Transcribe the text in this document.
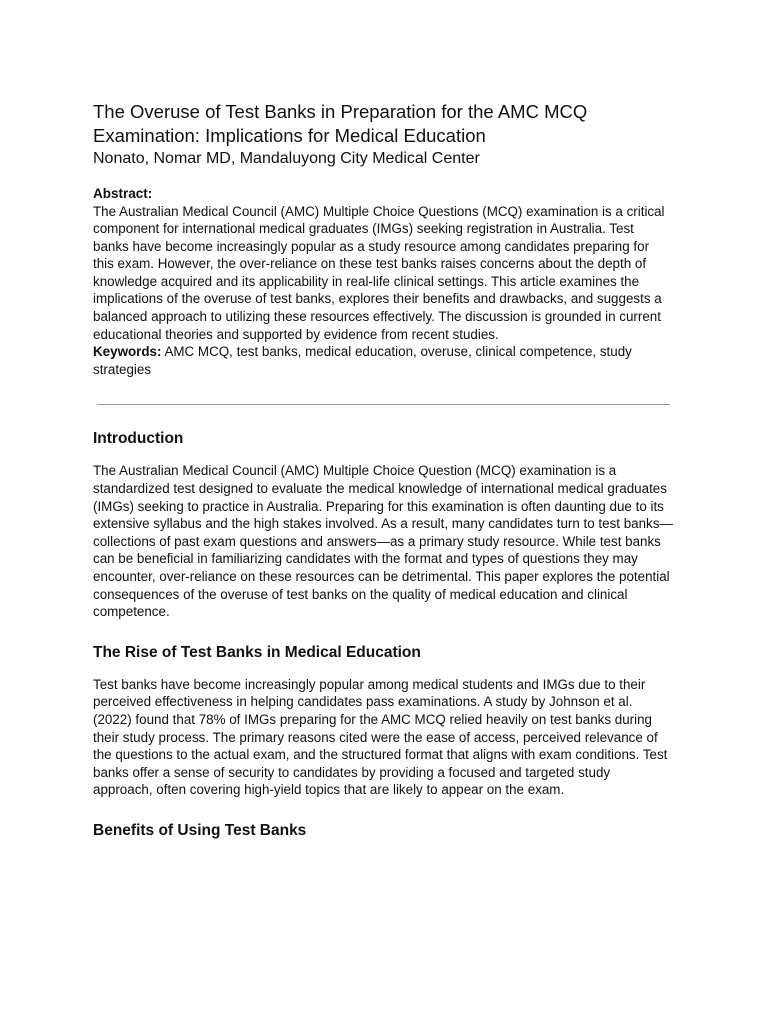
The Overuse of Test Banks in Preparation for the AMC MCQ
Examination: Implications for Medical Education
Nonato, Nomar MD, Mandaluyong City Medical Center
Abstract:

The Australian Medical Council (AMC) Multiple Choice Questions (MCQ) examination is a critical component for international medical graduates (IMGs) seeking registration in Australia. Test banks have become increasingly popular as a study resource among candidates preparing for this exam. However, the over-reliance on these test banks raises concerns about the depth of knowledge acquired and its applicability in real-life clinical settings. This article examines the implications of the overuse of test banks, explores their benefits and drawbacks, and suggests a balanced approach to utilizing these resources effectively. The discussion is grounded in current educational theories and supported by evidence from recent studies.

Keywords: AMC MCQ, test banks, medical education, overuse, clinical competence, study strategies

Introduction

The Australian Medical Council (AMC) Multiple Choice Question (MCQ) examination is a standardized test designed to evaluate the medical knowledge of international medical graduates (IMGs) seeking to practice in Australia. Preparing for this examination is often daunting due to its extensive syllabus and the high stakes involved. As a result, many candidates turn to test banks—collections of past exam questions and answers—as a primary study resource. While test banks can be beneficial in familiarizing candidates with the format and types of questions they may encounter, over-reliance on these resources can be detrimental. This paper explores the potential consequences of the overuse of test banks on the quality of medical education and clinical competence.

The Rise of Test Banks in Medical Education

Test banks have become increasingly popular among medical students and IMGs due to their perceived effectiveness in helping candidates pass examinations. A study by Johnson et al. (2022) found that 78% of IMGs preparing for the AMC MCQ relied heavily on test banks during their study process. The primary reasons cited were the ease of access, perceived relevance of the questions to the actual exam, and the structured format that aligns with exam conditions. Test banks offer a sense of security to candidates by providing a focused and targeted study approach, often covering high-yield topics that are likely to appear on the exam.

Benefits of Using Test Banks
